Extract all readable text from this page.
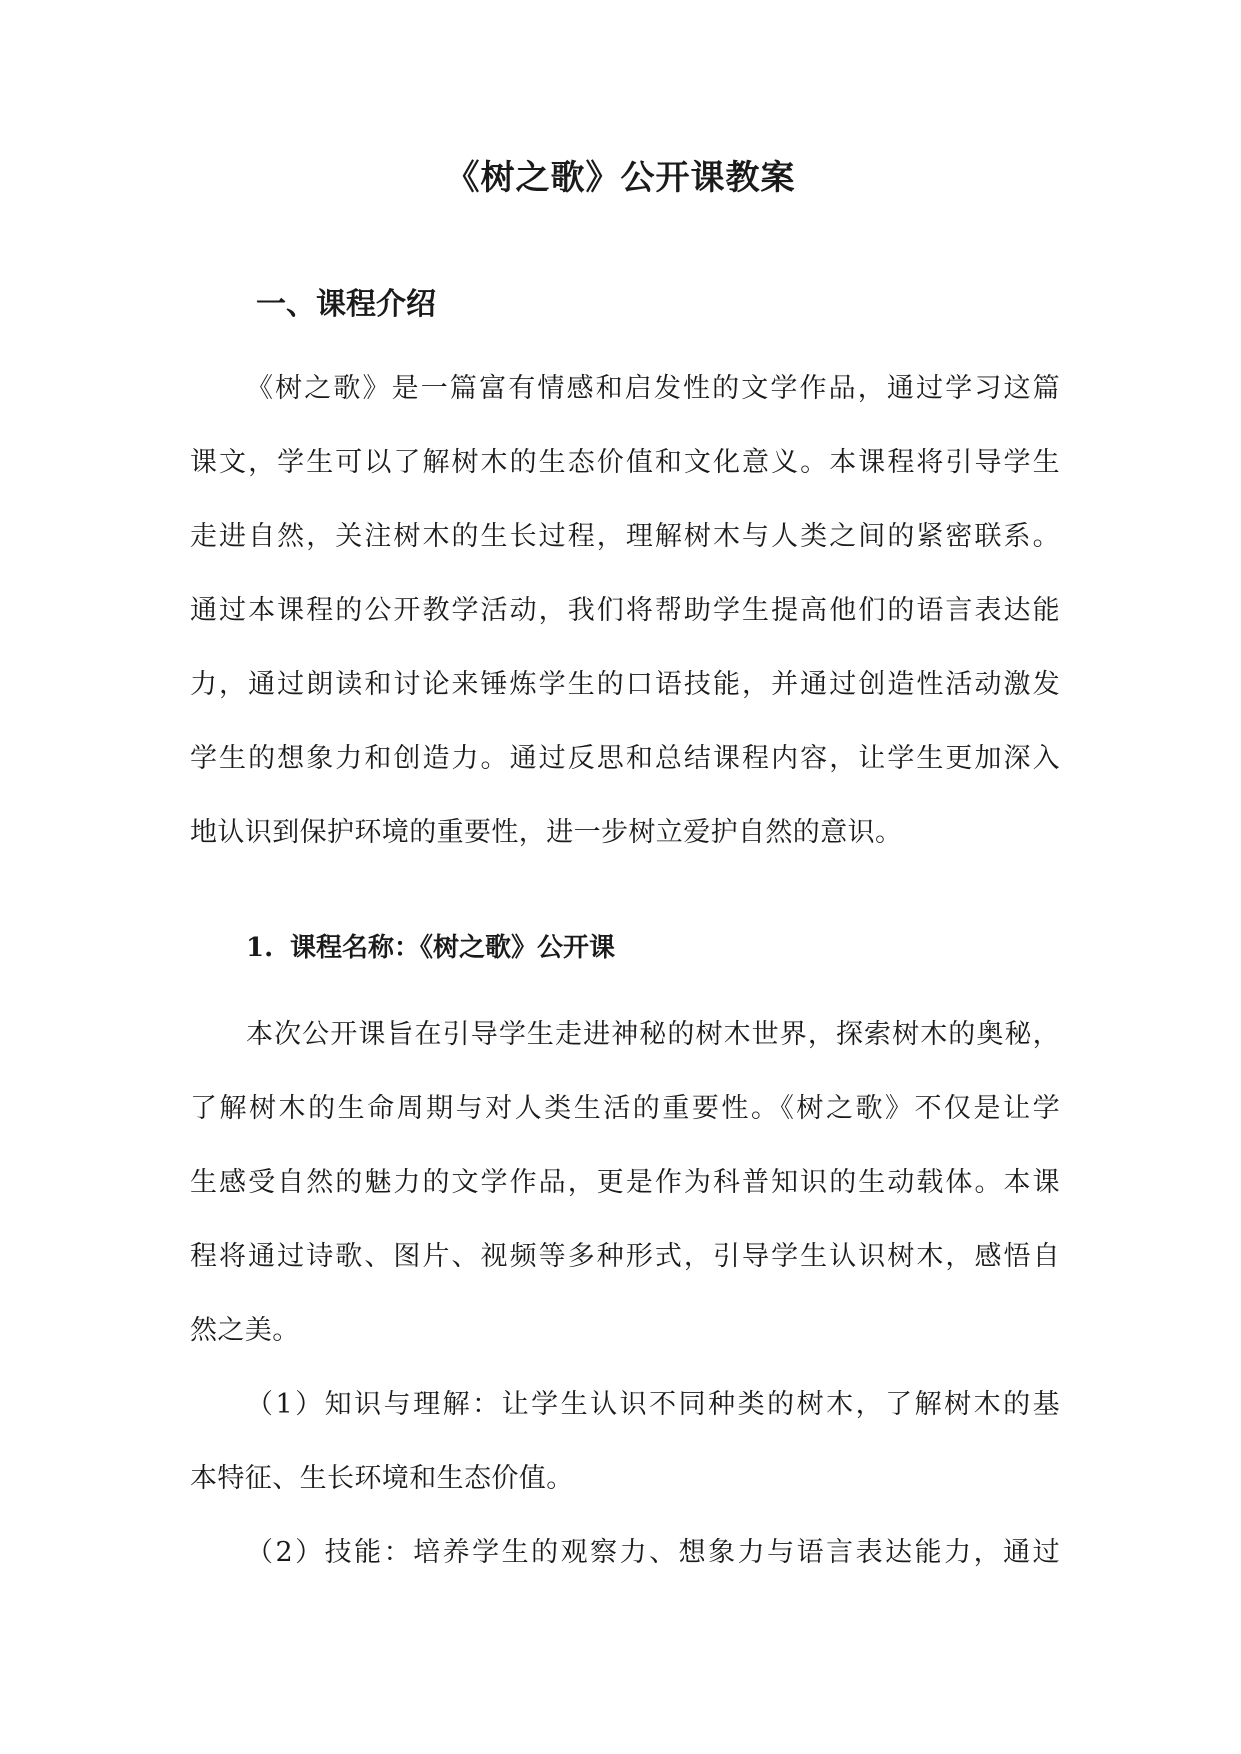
《树之歌》公开课教案
一、课程介绍
《树之歌》是一篇富有情感和启发性的文学作品，通过学习这篇
课文，学生可以了解树木的生态价值和文化意义。本课程将引导学生
走进自然，关注树木的生长过程，理解树木与人类之间的紧密联系。
通过本课程的公开教学活动，我们将帮助学生提高他们的语言表达能
力，通过朗读和讨论来锤炼学生的口语技能，并通过创造性活动激发
学生的想象力和创造力。通过反思和总结课程内容，让学生更加深入
地认识到保护环境的重要性，进一步树立爱护自然的意识。
1. 课程名称：《树之歌》公开课
本次公开课旨在引导学生走进神秘的树木世界，探索树木的奥秘，
了解树木的生命周期与对人类生活的重要性。《树之歌》不仅是让学
生感受自然的魅力的文学作品，更是作为科普知识的生动载体。本课
程将通过诗歌、图片、视频等多种形式，引导学生认识树木，感悟自
然之美。
（1）知识与理解：让学生认识不同种类的树木，了解树木的基
本特征、生长环境和生态价值。
（2）技能：培养学生的观察力、想象力与语言表达能力，通过
